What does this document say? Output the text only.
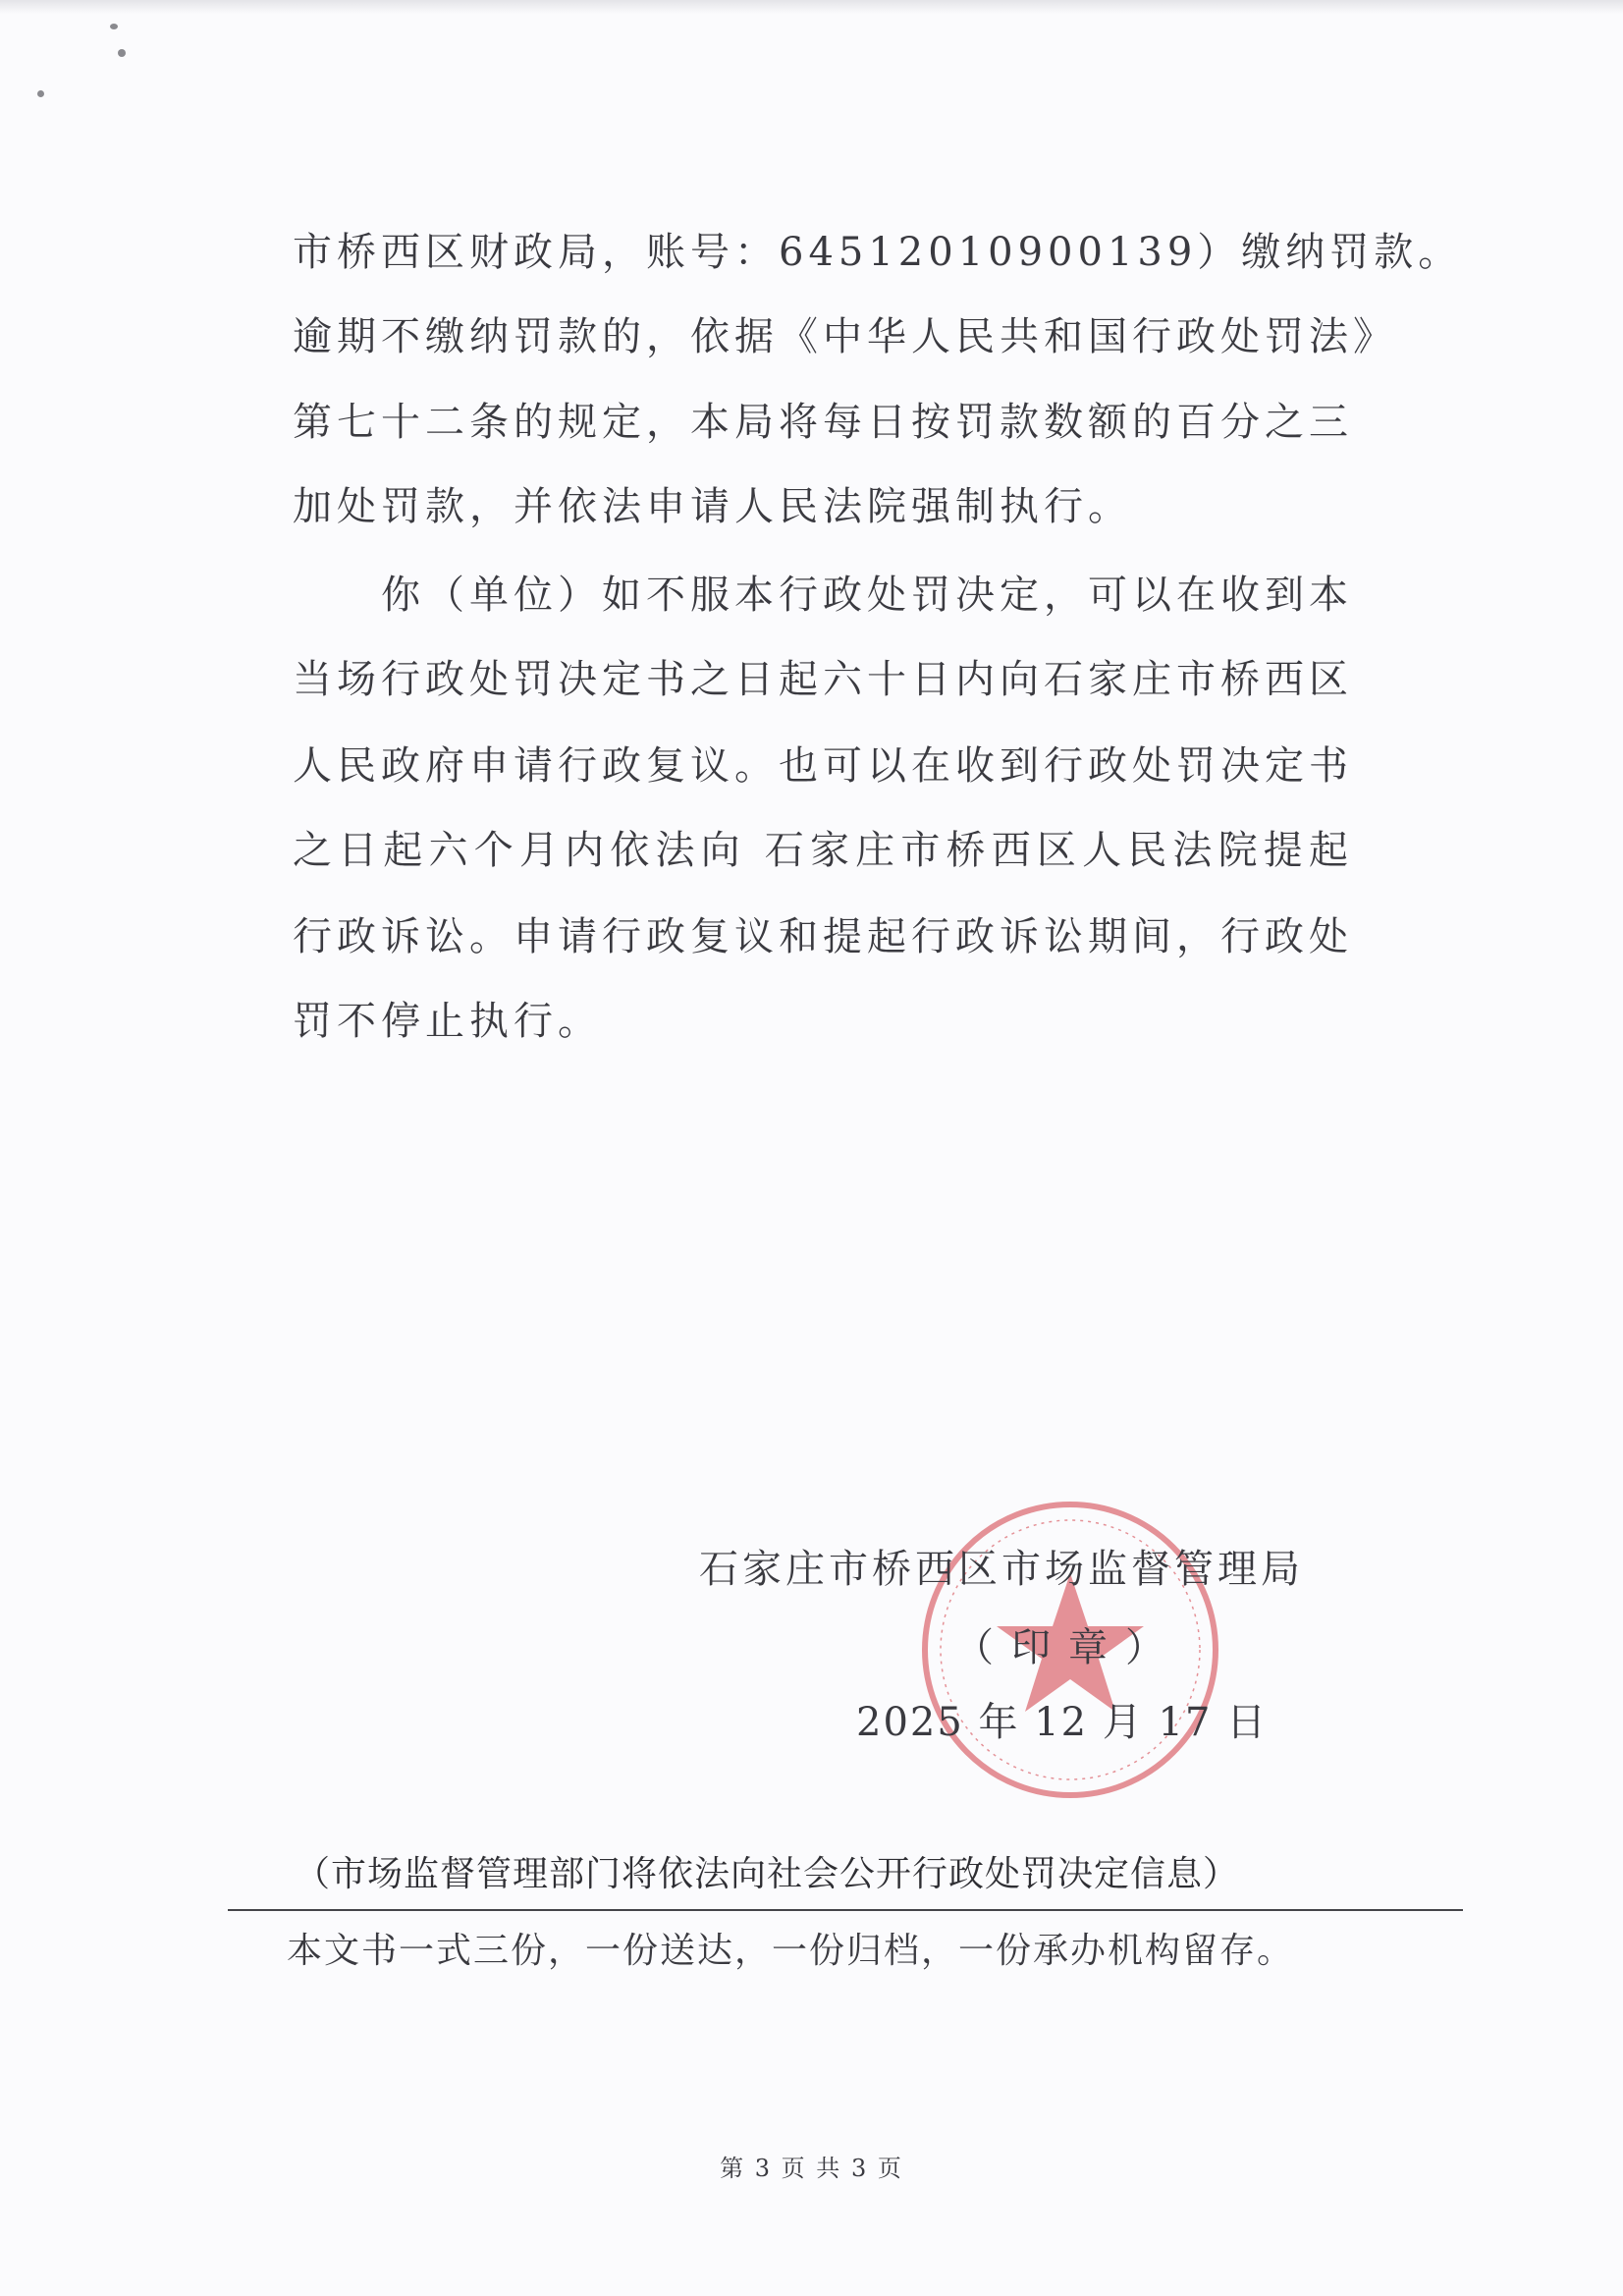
市桥西区财政局，账号：64512010900139）缴纳罚款。
逾期不缴纳罚款的，依据《中华人民共和国行政处罚法》
第七十二条的规定，本局将每日按罚款数额的百分之三
加处罚款，并依法申请人民法院强制执行。
　　你（单位）如不服本行政处罚决定，可以在收到本
当场行政处罚决定书之日起六十日内向石家庄市桥西区
人民政府申请行政复议。也可以在收到行政处罚决定书
之日起六个月内依法向 石家庄市桥西区人民法院提起
行政诉讼。申请行政复议和提起行政诉讼期间，行政处
罚不停止执行。
石家庄市桥西区市场监督管理局
（印章）
2025 年 12 月 17 日
（市场监督管理部门将依法向社会公开行政处罚决定信息）
本文书一式三份，一份送达，一份归档，一份承办机构留存。
第 3 页 共 3 页
